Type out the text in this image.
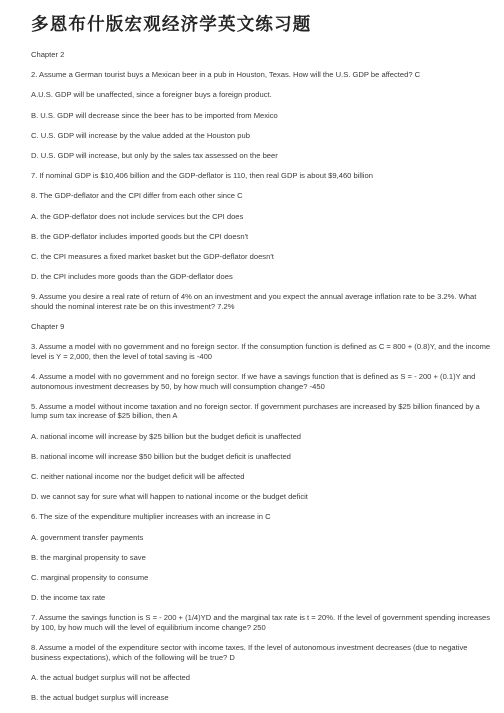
多恩布什版宏观经济学英文练习题
Chapter 2
2. Assume a German tourist buys a Mexican beer in a pub in Houston, Texas. How will the U.S. GDP be affected? C
A.U.S. GDP will be unaffected, since a foreigner buys a foreign product.
B. U.S. GDP will decrease since the beer has to be imported from Mexico
C. U.S. GDP will increase by the value added at the Houston pub
D. U.S. GDP will increase, but only by the sales tax assessed on the beer
7. If nominal GDP is $10,406 billion and the GDP-deflator is 110, then real GDP is about $9,460 billion
8. The GDP-deflator and the CPI differ from each other since C
A. the GDP-deflator does not include services but the CPI does
B. the GDP-deflator includes imported goods but the CPI doesn't
C. the CPI measures a fixed market basket but the GDP-deflator doesn't
D. the CPI includes more goods than the GDP-deflator does
9. Assume you desire a real rate of return of 4% on an investment and you expect the annual average inflation rate to be 3.2%. What should the nominal interest rate be on this investment? 7.2%
Chapter 9
3. Assume a model with no government and no foreign sector. If the consumption function is defined as C = 800 + (0.8)Y, and the income level is Y = 2,000, then the level of total saving is -400
4. Assume a model with no government and no foreign sector. If we have a savings function that is defined as S = - 200 + (0.1)Y and autonomous investment decreases by 50, by how much will consumption change? -450
5. Assume a model without income taxation and no foreign sector. If government purchases are increased by $25 billion financed by a lump sum tax increase of $25 billion, then A
A. national income will increase by $25 billion but the budget deficit is unaffected
B. national income will increase $50 billion but the budget deficit is unaffected
C. neither national income nor the budget deficit will be affected
D. we cannot say for sure what will happen to national income or the budget deficit
6. The size of the expenditure multiplier increases with an increase in C
A. government transfer payments
B. the marginal propensity to save
C. marginal propensity to consume
D. the income tax rate
7. Assume the savings function is S = - 200 + (1/4)YD and the marginal tax rate is t = 20%. If the level of government spending increases by 100, by how much will the level of equilibrium income change? 250
8. Assume a model of the expenditure sector with income taxes. If the level of autonomous investment decreases (due to negative business expectations), which of the following will be true? D
A. the actual budget surplus will not be affected
B. the actual budget surplus will increase
